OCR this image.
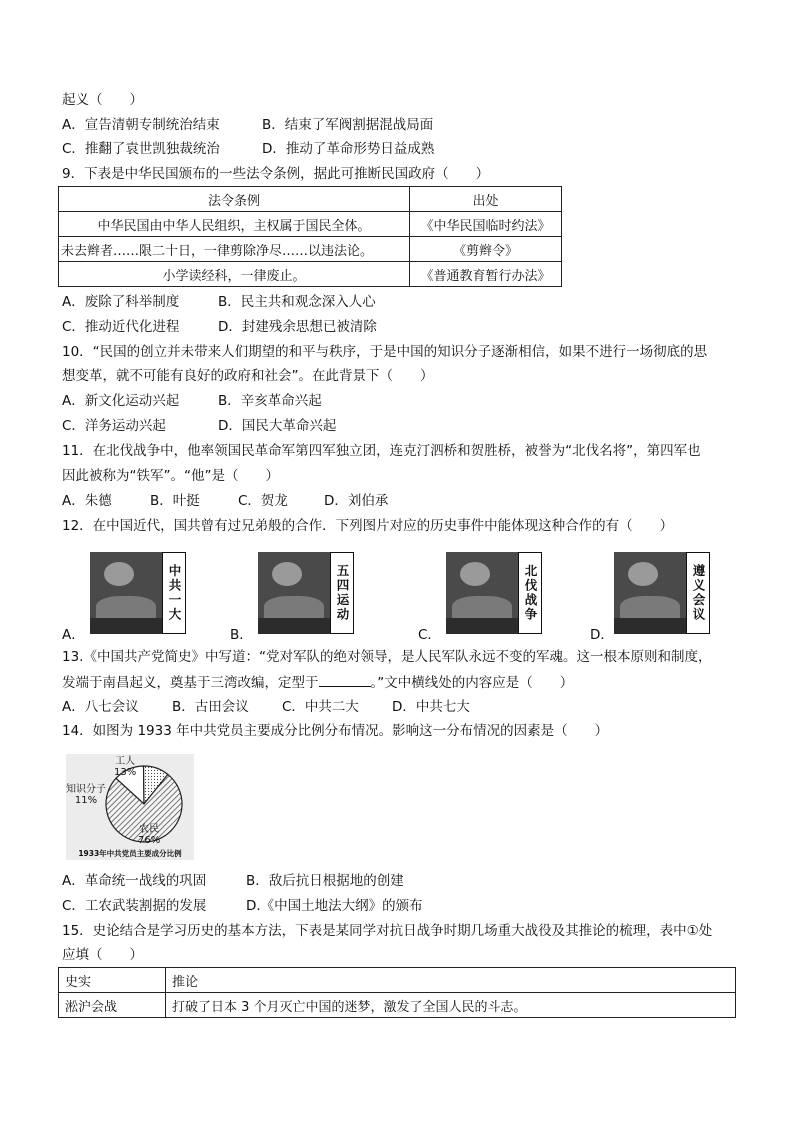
起义（　　）
A．宣告清朝专制统治结束	B．结束了军阀割据混战局面
C．推翻了袁世凯独裁统治	D．推动了革命形势日益成熟
9．下表是中华民国颁布的一些法令条例，据此可推断民国政府（　　）
法令条例	出处
中华民国由中华人民组织，主权属于国民全体。	《中华民国临时约法》
未去辫者……限二十日，一律剪除净尽……以违法论。	《剪辫令》
小学读经科，一律废止。	《普通教育暂行办法》
A．废除了科举制度	B．民主共和观念深入人心
C．推动近代化进程	D．封建残余思想已被清除
10．“民国的创立并未带来人们期望的和平与秩序，于是中国的知识分子逐渐相信，如果不进行一场彻底的思
想变革，就不可能有良好的政府和社会”。在此背景下（　　）
A．新文化运动兴起	B．辛亥革命兴起
C．洋务运动兴起	D．国民大革命兴起
11．在北伐战争中，他率领国民革命军第四军独立团，连克汀泗桥和贺胜桥，被誉为“北伐名将”，第四军也
因此被称为“铁军”。“他”是（　　）
A．朱德	B．叶挺	C．贺龙	D．刘伯承
12．在中国近代，国共曾有过兄弟般的合作．下列图片对应的历史事件中能体现这种合作的有（　　）
A．
中共一大
B．
五四运动
C．
北伐战争
D．
遵义会议
13.《中国共产党简史》中写道：“党对军队的绝对领导，是人民军队永远不变的军魂。这一根本原则和制度，
发端于南昌起义，奠基于三湾改编，定型于	。”文中横线处的内容应是（　　）
A．八七会议 B．古田会议 C．中共二大 D．中共七大
14．如图为 1933 年中共党员主要成分比例分布情况。影响这一分布情况的因素是（　　）
工人
13%
知识分子
11%
农民
76%
1933年中共党员主要成分比例
A．革命统一战线的巩固	B．敌后抗日根据地的创建
C．工农武装割据的发展	D.《中国土地法大纲》的颁布
15．史论结合是学习历史的基本方法，下表是某同学对抗日战争时期几场重大战役及其推论的梳理，表中①处
应填（　　）
史实	推论
淞沪会战	打破了日本 3 个月灭亡中国的迷梦，激发了全国人民的斗志。
